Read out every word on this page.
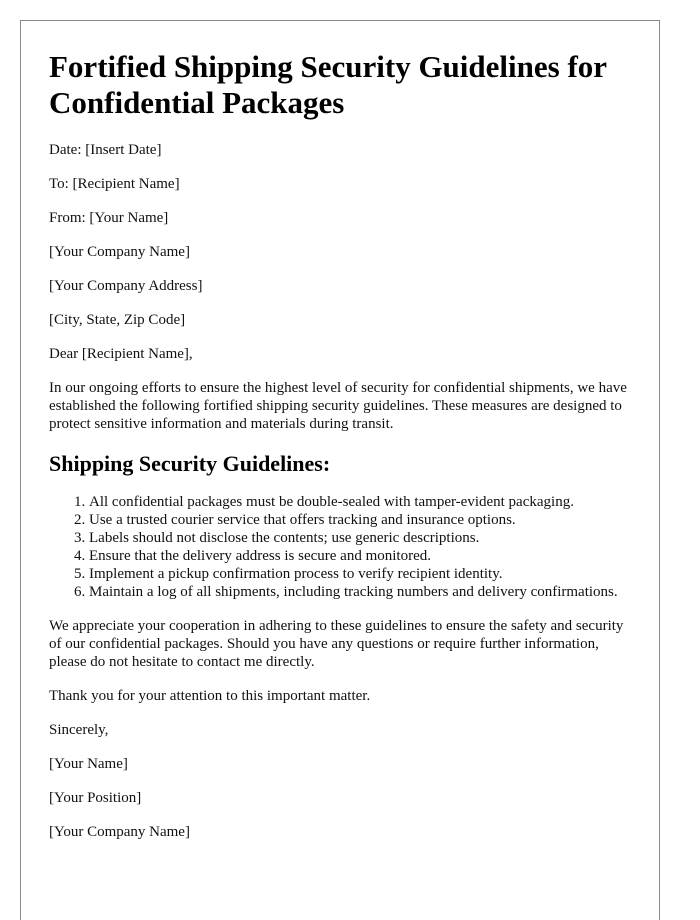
Fortified Shipping Security Guidelines for Confidential Packages
Date: [Insert Date]
To: [Recipient Name]
From: [Your Name]
[Your Company Name]
[Your Company Address]
[City, State, Zip Code]
Dear [Recipient Name],

In our ongoing efforts to ensure the highest level of security for confidential shipments, we have established the following fortified shipping security guidelines. These measures are designed to protect sensitive information and materials during transit.

Shipping Security Guidelines:
1. All confidential packages must be double-sealed with tamper-evident packaging.
2. Use a trusted courier service that offers tracking and insurance options.
3. Labels should not disclose the contents; use generic descriptions.
4. Ensure that the delivery address is secure and monitored.
5. Implement a pickup confirmation process to verify recipient identity.
6. Maintain a log of all shipments, including tracking numbers and delivery confirmations.

We appreciate your cooperation in adhering to these guidelines to ensure the safety and security of our confidential packages. Should you have any questions or require further information, please do not hesitate to contact me directly.

Thank you for your attention to this important matter.
Sincerely,
[Your Name]
[Your Position]
[Your Company Name]
